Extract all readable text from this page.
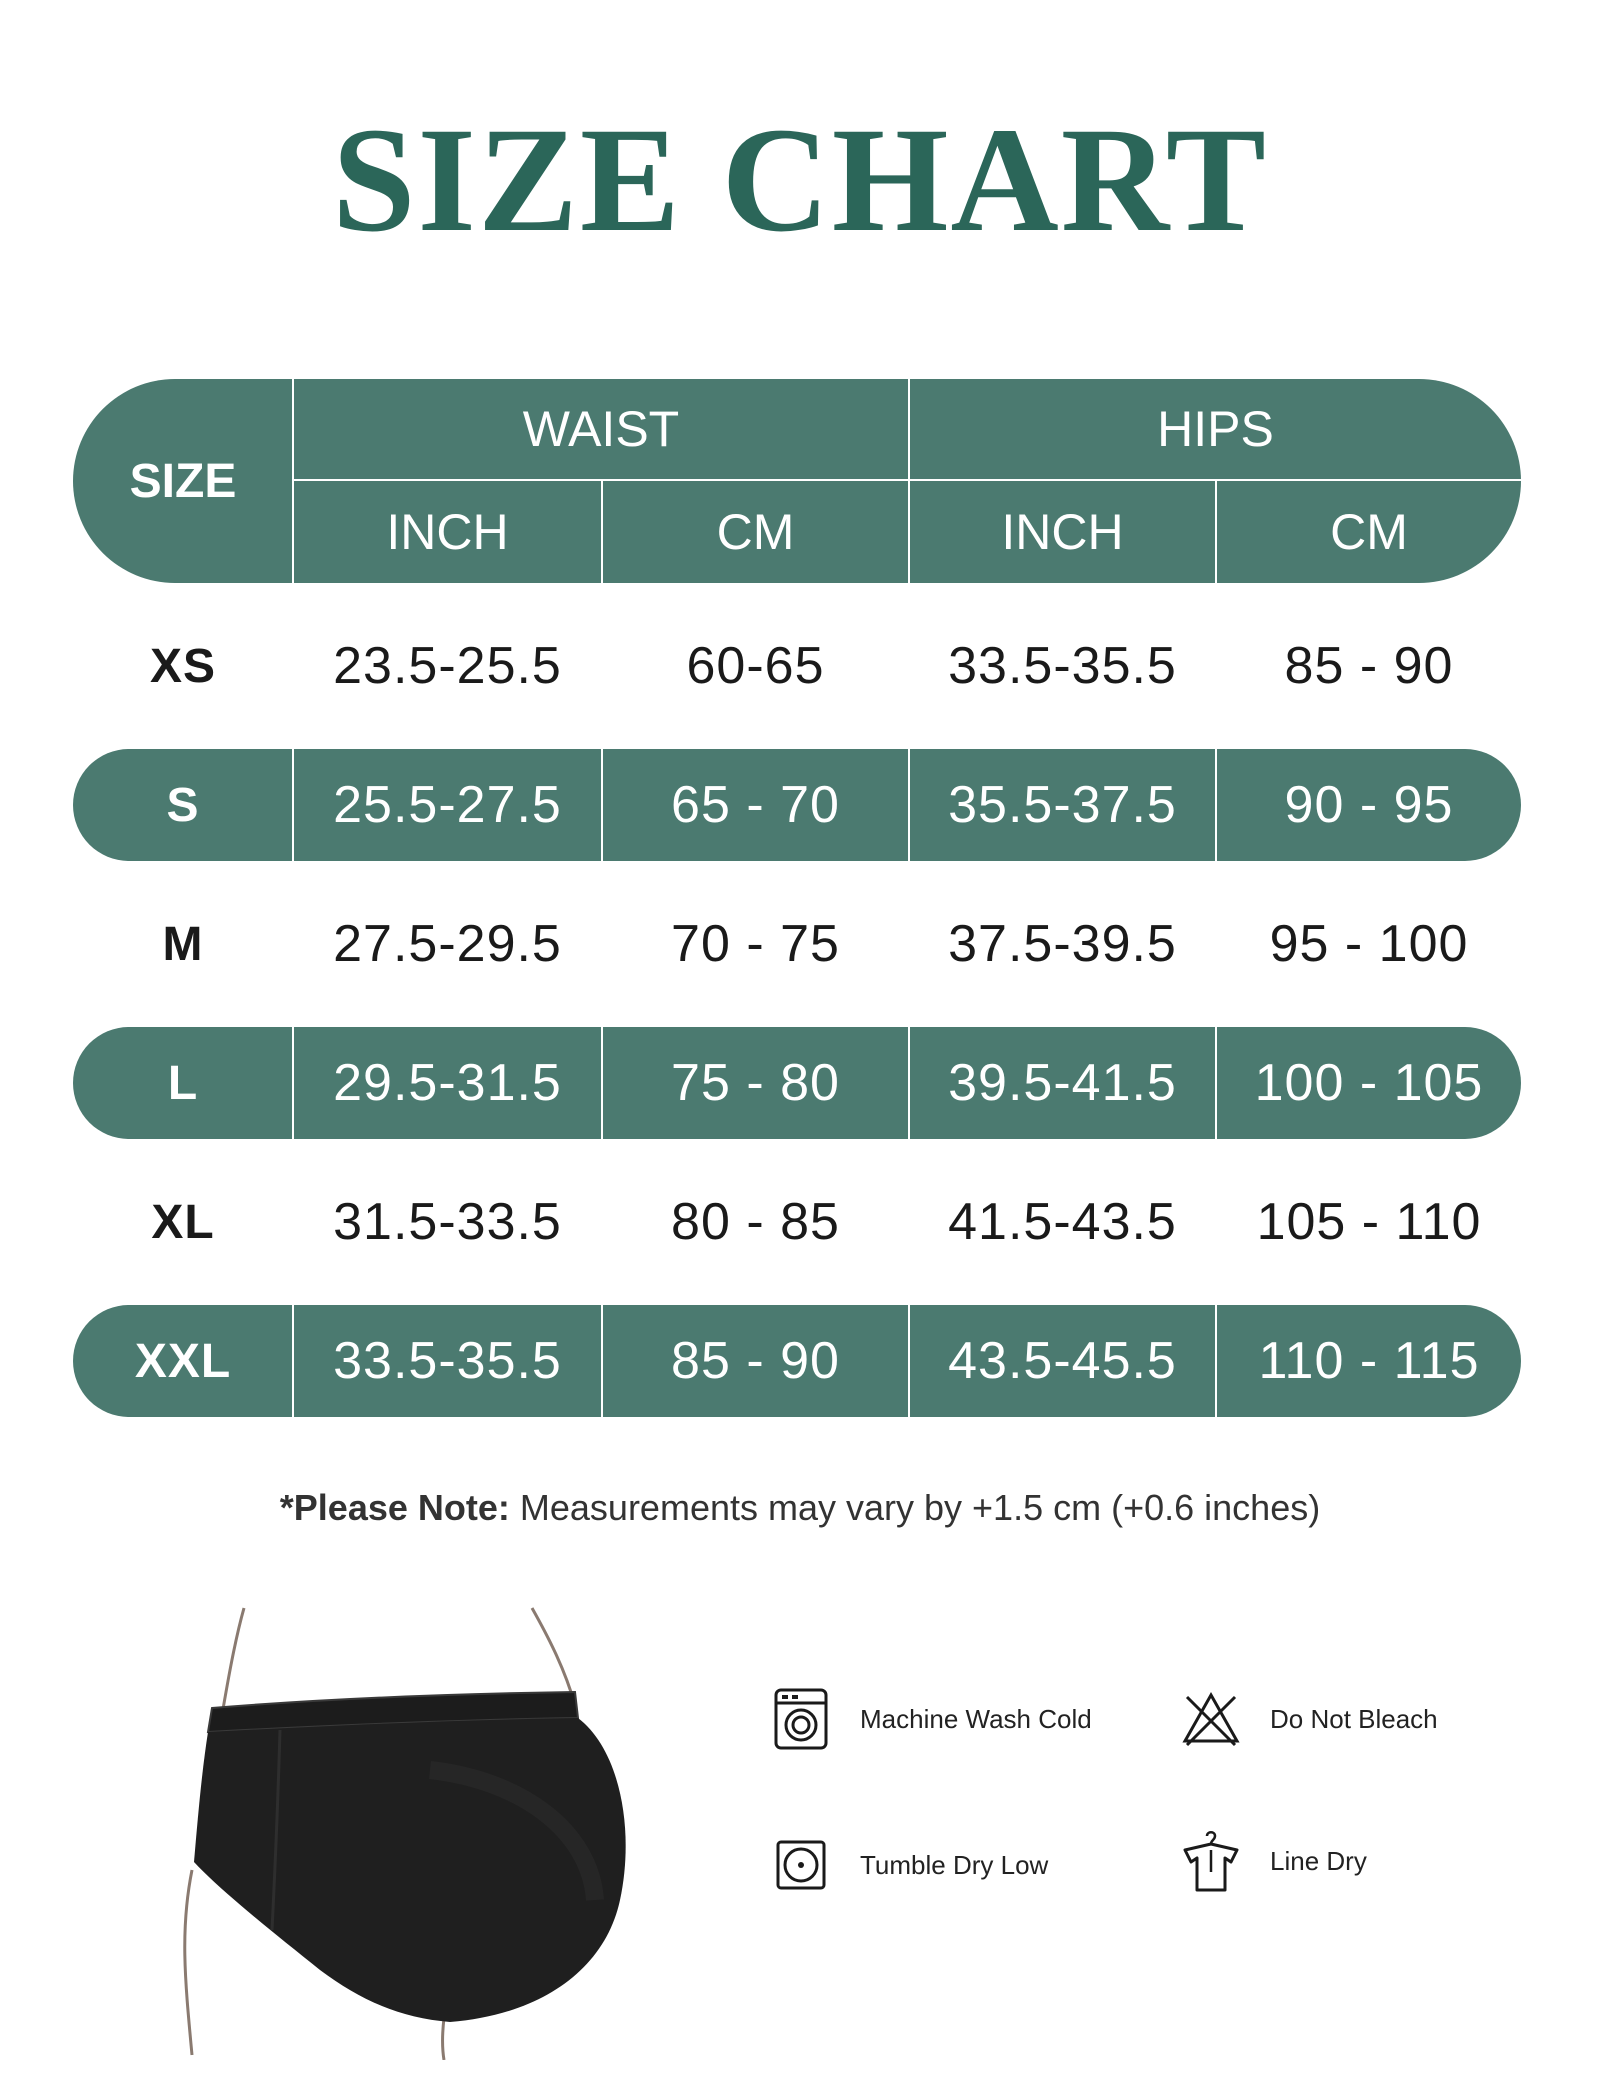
SIZE CHART
SIZE
WAIST	HIPS
INCH	CM	INCH	CM
XS	23.5-25.5	60-65	33.5-35.5	85 - 90
S	25.5-27.5	65 - 70	35.5-37.5	90 - 95
M	27.5-29.5	70 - 75	37.5-39.5	95 - 100
L	29.5-31.5	75 - 80	39.5-41.5	100 - 105
XL	31.5-33.5	80 - 85	41.5-43.5	105 - 110
XXL	33.5-35.5	85 - 90	43.5-45.5	110 - 115
*Please Note: Measurements may vary by +1.5 cm (+0.6 inches)
Machine Wash Cold	Do Not Bleach
Tumble Dry Low	Line Dry
